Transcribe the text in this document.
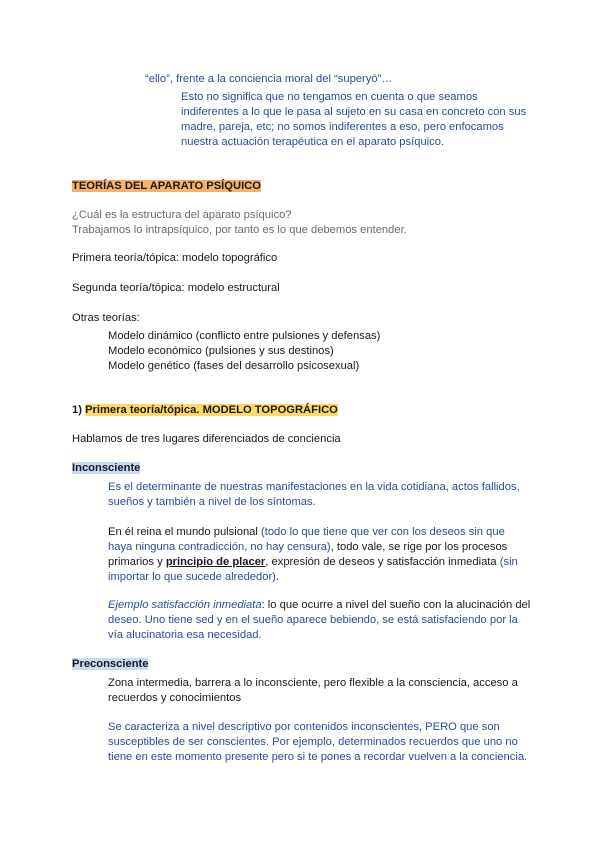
“ello”, frente a la conciencia moral del “superyó”…

Esto no significa que no tengamos en cuenta o que seamos

indiferentes a lo que le pasa al sujeto en su casa en concreto con sus

madre, pareja, etc; no somos indiferentes a eso, pero enfocamos

nuestra actuación terapéutica en el aparato psíquico.

TEORÍAS DEL APARATO PSÍQUICO

¿Cuál es la estructura del aparato psíquico?

Trabajamos lo intrapsíquico, por tanto es lo que debemos entender.

Primera teoría/tópica: modelo topográfico
Segunda teoría/tópica: modelo estructural
Otras teorías:

Modelo dinámico (conflicto entre pulsiones y defensas)

Modelo económico (pulsiones y sus destinos)

Modelo genético (fases del desarrollo psicosexual)

1) Primera teoría/tópica. MODELO TOPOGRÁFICO
Hablamos de tres lugares diferenciados de conciencia
Inconsciente

Es el determinante de nuestras manifestaciones en la vida cotidiana, actos fallidos,

sueños y también a nivel de los síntomas.

En él reina el mundo pulsional (todo lo que tiene que ver con los deseos sin que

haya ninguna contradicción, no hay censura), todo vale, se rige por los procesos

primarios y principio de placer, expresión de deseos y satisfacción inmediata (sin

importar lo que sucede alrededor).

Ejemplo satisfacción inmediata: lo que ocurre a nivel del sueño con la alucinación del

deseo. Uno tiene sed y en el sueño aparece bebiendo, se está satisfaciendo por la

vía alucinatoria esa necesidad.

Preconsciente

Zona intermedia, barrera a lo inconsciente, pero flexible a la consciencia, acceso a

recuerdos y conocimientos

Se caracteriza a nivel descriptivo por contenidos inconscientes, PERO que son

susceptibles de ser conscientes. Por ejemplo, determinados recuerdos que uno no

tiene en este momento presente pero si te pones a recordar vuelven a la conciencia.
